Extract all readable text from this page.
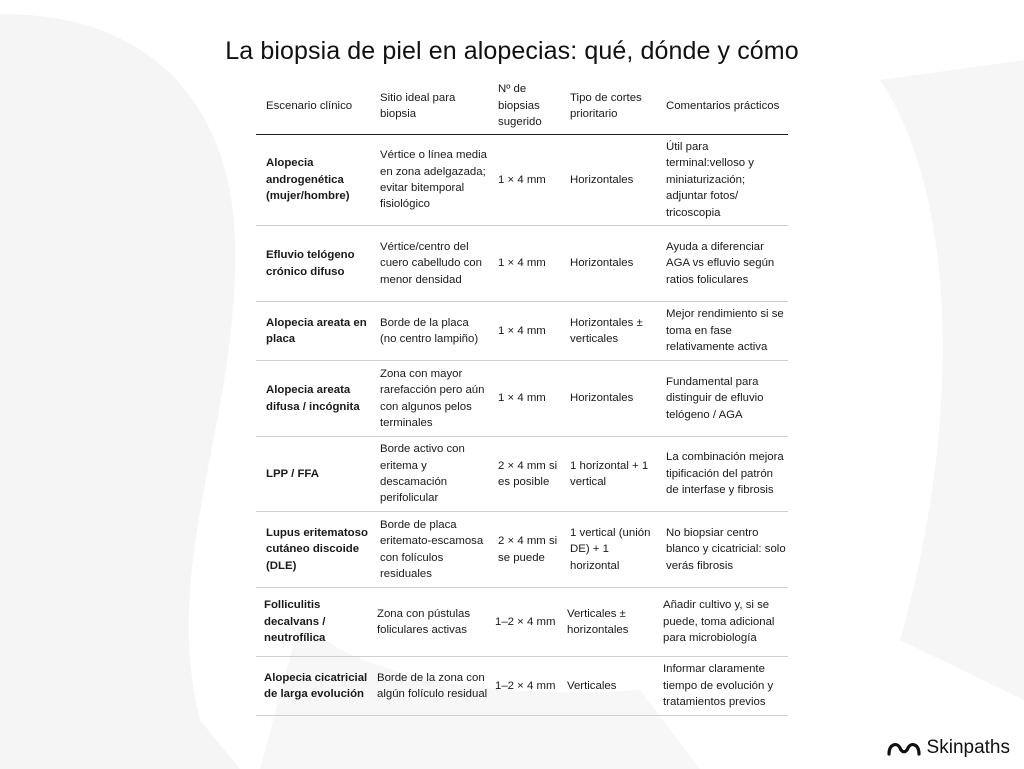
La biopsia de piel en alopecias: qué, dónde y cómo
Escenario clínico	Sitio ideal para biopsia	Nº de biopsias sugerido	Tipo de cortes prioritario	Comentarios prácticos
Alopecia androgenética (mujer/hombre)	Vértice o línea media en zona adelgazada; evitar bitemporal fisiológico	1 × 4 mm	Horizontales	Útil para terminal:velloso y miniaturización; adjuntar fotos/ tricoscopia
Efluvio telógeno crónico difuso	Vértice/centro del cuero cabelludo con menor densidad	1 × 4 mm	Horizontales	Ayuda a diferenciar AGA vs efluvio según ratios foliculares
Alopecia areata en placa	Borde de la placa (no centro lampiño)	1 × 4 mm	Horizontales ± verticales	Mejor rendimiento si se toma en fase relativamente activa
Alopecia areata difusa / incógnita	Zona con mayor rarefacción pero aún con algunos pelos terminales	1 × 4 mm	Horizontales	Fundamental para distinguir de efluvio telógeno / AGA
LPP / FFA	Borde activo con eritema y descamación perifolicular	2 × 4 mm si es posible	1 horizontal + 1 vertical	La combinación mejora tipificación del patrón de interfase y fibrosis
Lupus eritematoso cutáneo discoide (DLE)	Borde de placa eritemato-escamosa con folículos residuales	2 × 4 mm si se puede	1 vertical (unión DE) + 1 horizontal	No biopsiar centro blanco y cicatricial: solo verás fibrosis
Folliculitis decalvans / neutrofílica	Zona con pústulas foliculares activas	1–2 × 4 mm	Verticales ± horizontales	Añadir cultivo y, si se puede, toma adicional para microbiología
Alopecia cicatricial de larga evolución	Borde de la zona con algún folículo residual	1–2 × 4 mm	Verticales	Informar claramente tiempo de evolución y tratamientos previos
Skinpaths
